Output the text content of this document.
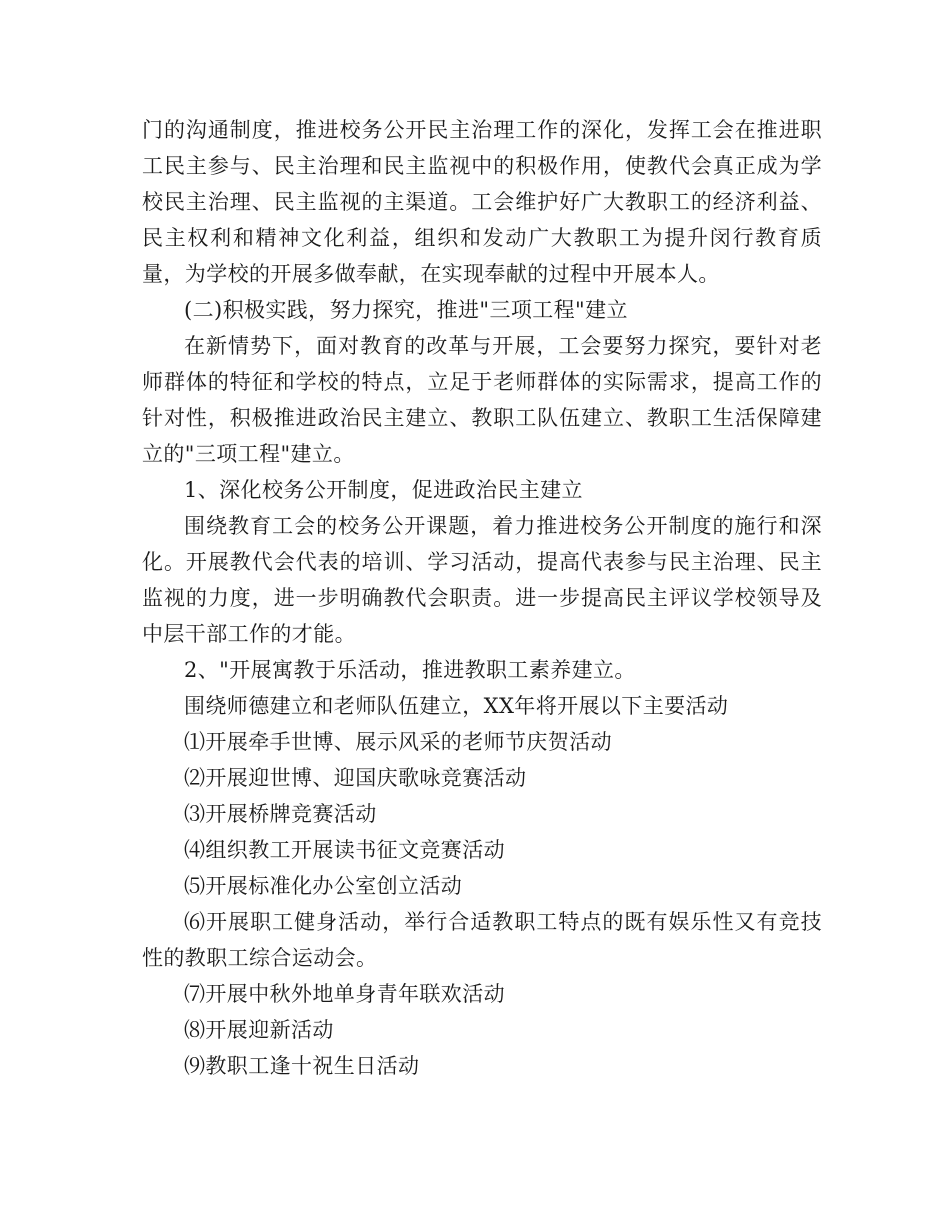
门的沟通制度，推进校务公开民主治理工作的深化，发挥工会在推进职工民主参与、民主治理和民主监视中的积极作用，使教代会真正成为学校民主治理、民主监视的主渠道。工会维护好广大教职工的经济利益、民主权利和精神文化利益，组织和发动广大教职工为提升闵行教育质量，为学校的开展多做奉献，在实现奉献的过程中开展本人。

(二)积极实践，努力探究，推进"三项工程"建立

在新情势下，面对教育的改革与开展，工会要努力探究，要针对老师群体的特征和学校的特点，立足于老师群体的实际需求，提高工作的针对性，积极推进政治民主建立、教职工队伍建立、教职工生活保障建立的"三项工程"建立。

1、深化校务公开制度，促进政治民主建立

围绕教育工会的校务公开课题，着力推进校务公开制度的施行和深化。开展教代会代表的培训、学习活动，提高代表参与民主治理、民主监视的力度，进一步明确教代会职责。进一步提高民主评议学校领导及中层干部工作的才能。

2、"开展寓教于乐活动，推进教职工素养建立。

围绕师德建立和老师队伍建立，XX年将开展以下主要活动

⑴开展牵手世博、展示风采的老师节庆贺活动

⑵开展迎世博、迎国庆歌咏竞赛活动

⑶开展桥牌竞赛活动

⑷组织教工开展读书征文竞赛活动

⑸开展标准化办公室创立活动

⑹开展职工健身活动，举行合适教职工特点的既有娱乐性又有竞技性的教职工综合运动会。

⑺开展中秋外地单身青年联欢活动

⑻开展迎新活动

⑼教职工逢十祝生日活动
